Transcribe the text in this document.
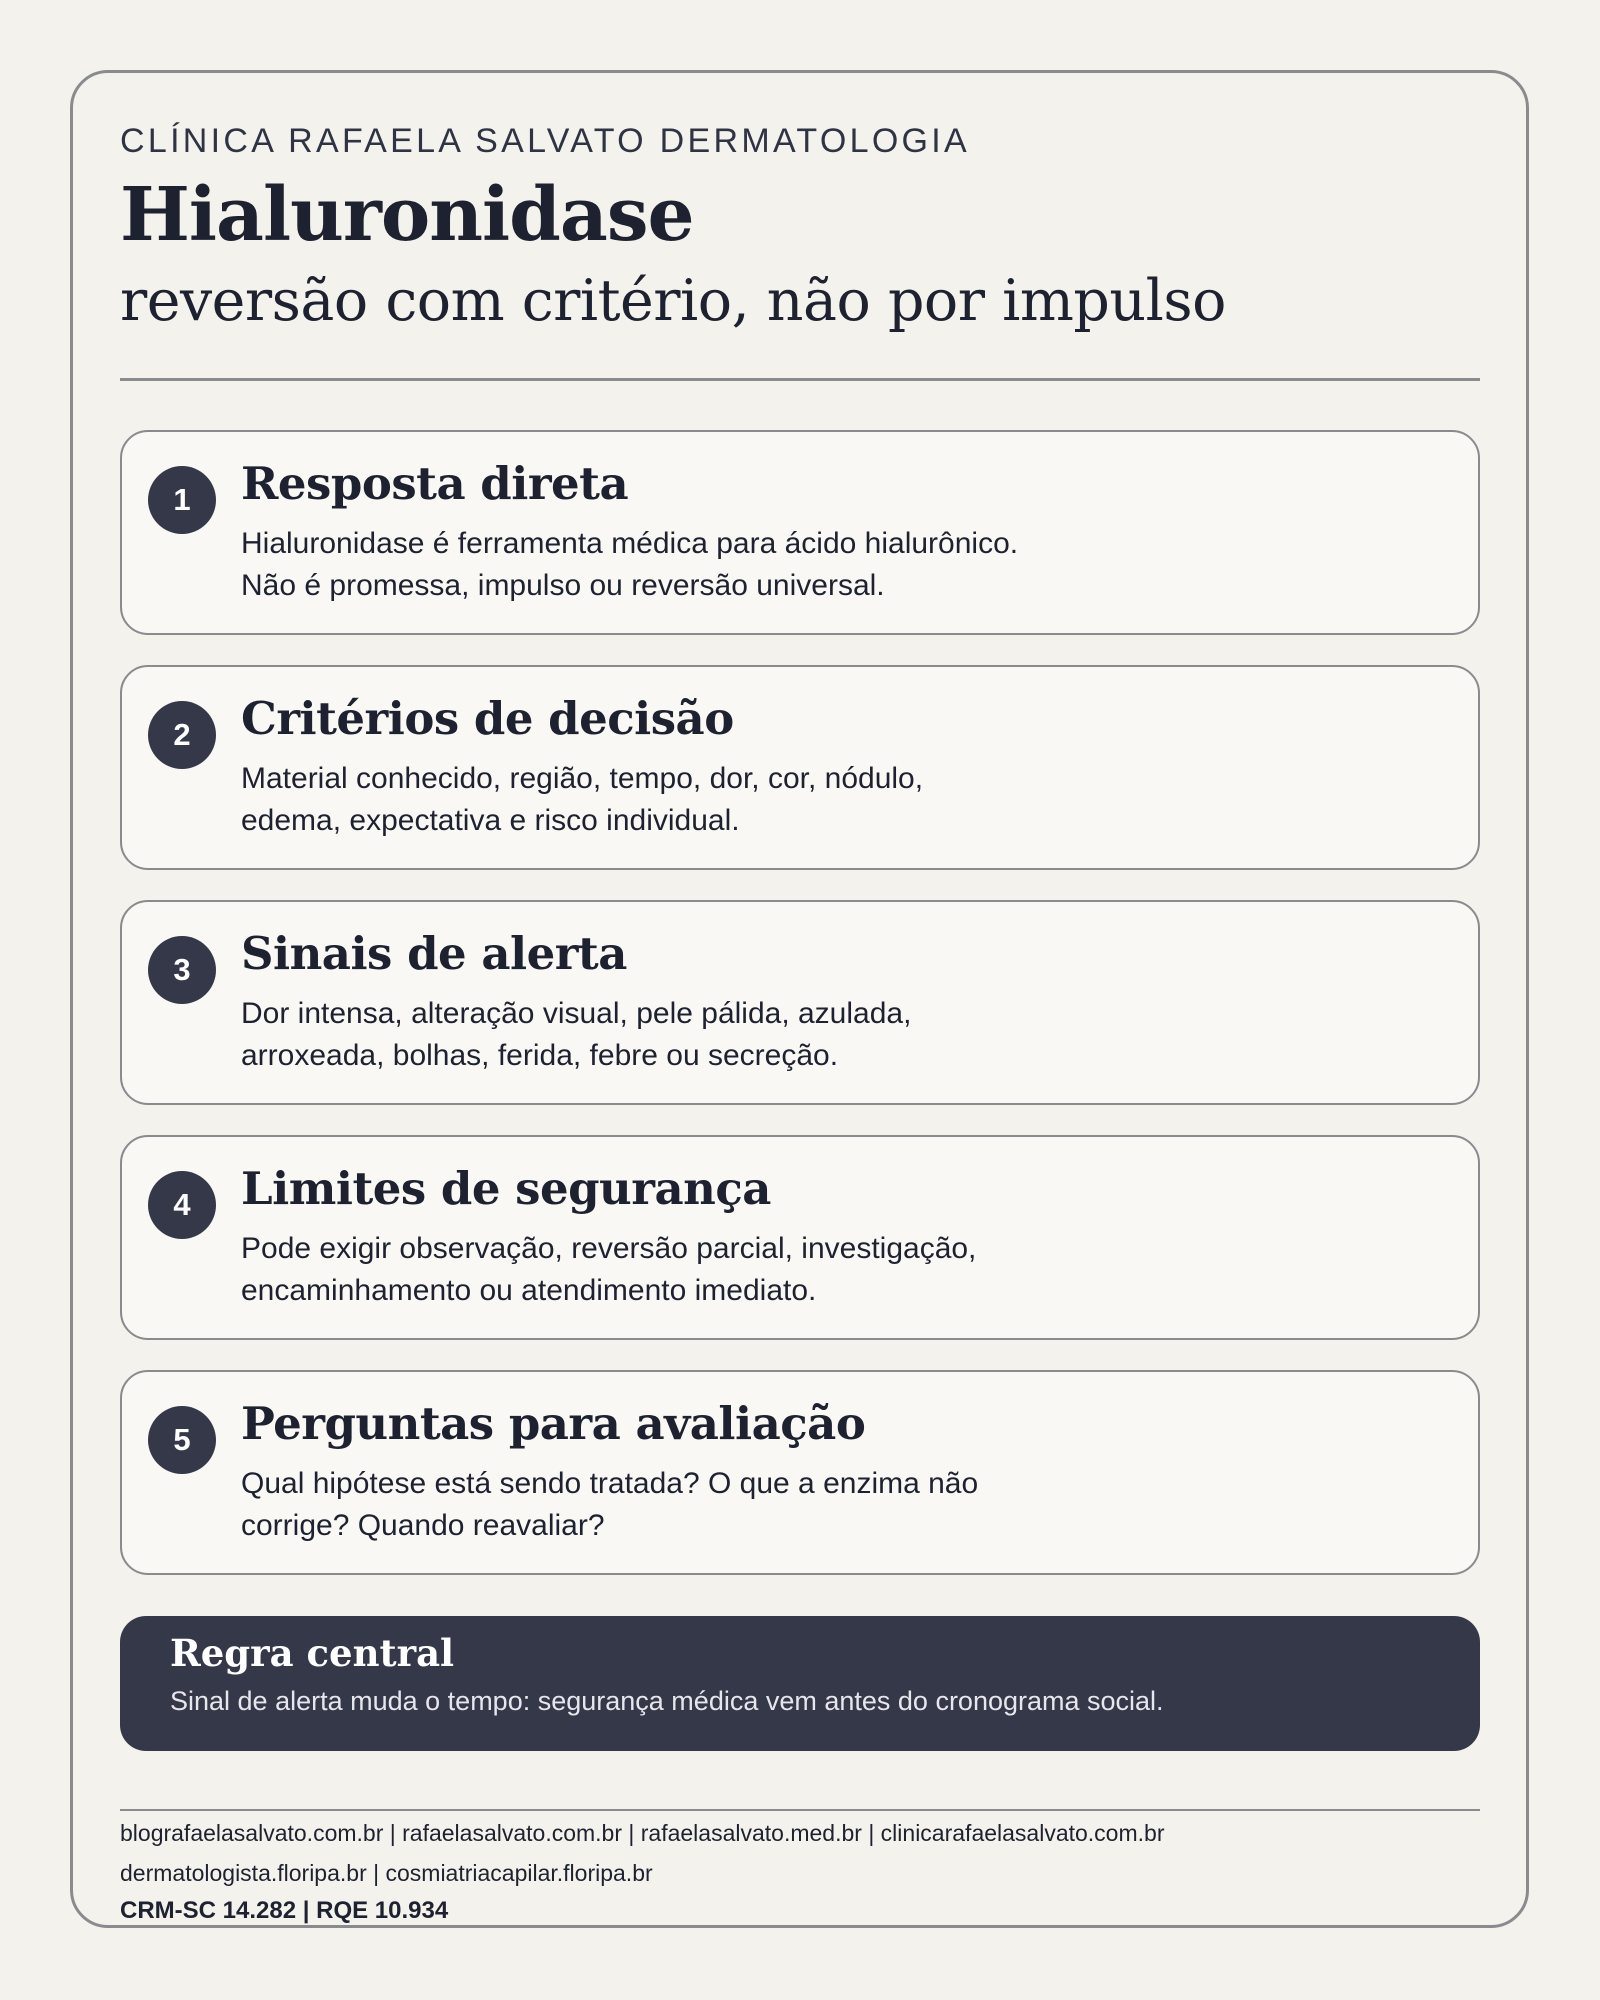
CLÍNICA RAFAELA SALVATO DERMATOLOGIA
Hialuronidase
reversão com critério, não por impulso
1	Resposta direta
Hialuronidase é ferramenta médica para ácido hialurônico.
Não é promessa, impulso ou reversão universal.
2	Critérios de decisão
Material conhecido, região, tempo, dor, cor, nódulo,
edema, expectativa e risco individual.
3	Sinais de alerta
Dor intensa, alteração visual, pele pálida, azulada,
arroxeada, bolhas, ferida, febre ou secreção.
4	Limites de segurança
Pode exigir observação, reversão parcial, investigação,
encaminhamento ou atendimento imediato.
5	Perguntas para avaliação
Qual hipótese está sendo tratada? O que a enzima não
corrige? Quando reavaliar?
Regra central
Sinal de alerta muda o tempo: segurança médica vem antes do cronograma social.
blografaelasalvato.com.br | rafaelasalvato.com.br | rafaelasalvato.med.br | clinicarafaelasalvato.com.br
dermatologista.floripa.br | cosmiatriacapilar.floripa.br
CRM-SC 14.282 | RQE 10.934
